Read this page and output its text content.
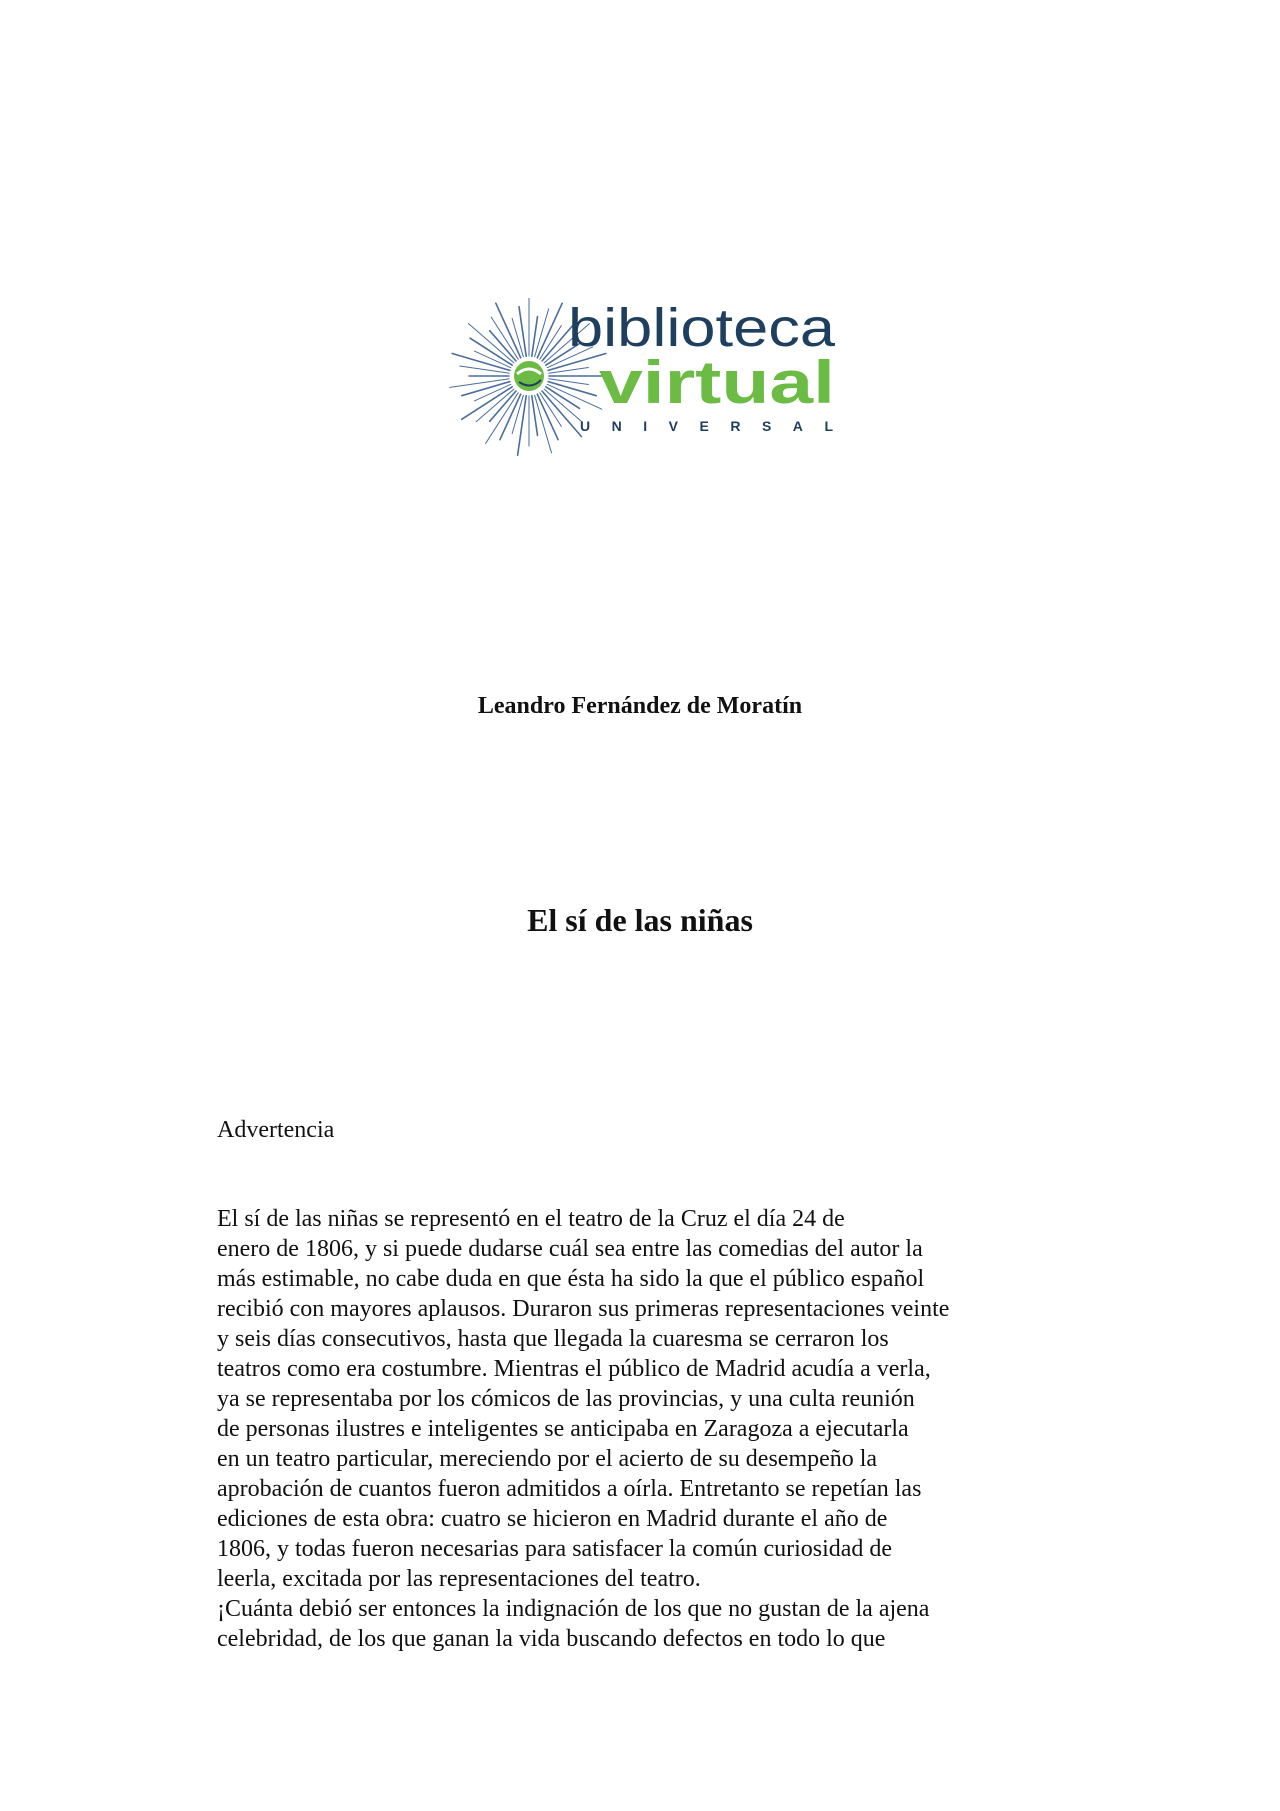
biblioteca
virtual
UNIVERSAL
Leandro Fernández de Moratín
El sí de las niñas
Advertencia
El sí de las niñas se representó en el teatro de la Cruz el día 24 de
enero de 1806, y si puede dudarse cuál sea entre las comedias del autor la
más estimable, no cabe duda en que ésta ha sido la que el público español
recibió con mayores aplausos. Duraron sus primeras representaciones veinte
y seis días consecutivos, hasta que llegada la cuaresma se cerraron los
teatros como era costumbre. Mientras el público de Madrid acudía a verla,
ya se representaba por los cómicos de las provincias, y una culta reunión
de personas ilustres e inteligentes se anticipaba en Zaragoza a ejecutarla
en un teatro particular, mereciendo por el acierto de su desempeño la
aprobación de cuantos fueron admitidos a oírla. Entretanto se repetían las
ediciones de esta obra: cuatro se hicieron en Madrid durante el año de
1806, y todas fueron necesarias para satisfacer la común curiosidad de
leerla, excitada por las representaciones del teatro.
¡Cuánta debió ser entonces la indignación de los que no gustan de la ajena
celebridad, de los que ganan la vida buscando defectos en todo lo que
